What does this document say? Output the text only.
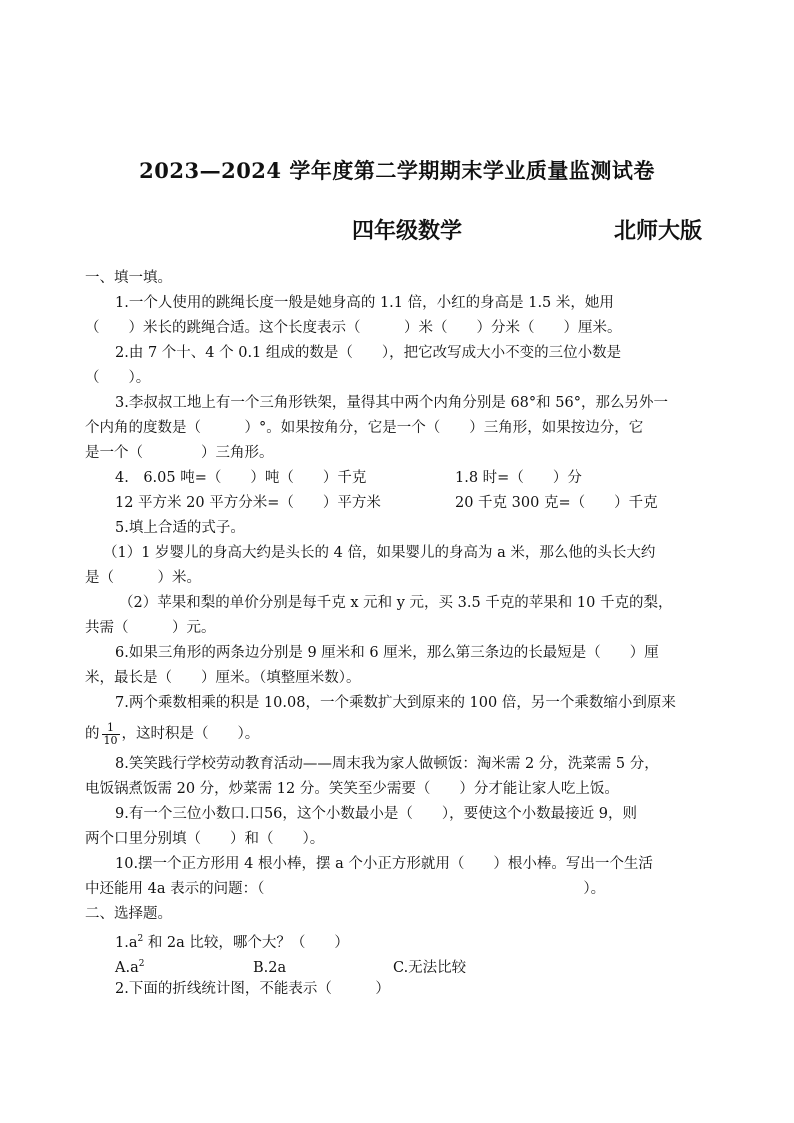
2023—2024 学年度第二学期期末学业质量监测试卷
四年级数学	北师大版
一、填一填。
1.一个人使用的跳绳长度一般是她身高的 1.1 倍，小红的身高是 1.5 米，她用
（　　）米长的跳绳合适。这个长度表示（　　　）米（　　）分米（　　）厘米。
2.由 7 个十、4 个 0.1 组成的数是（　　），把它改写成大小不变的三位小数是
（　　）。
3.李叔叔工地上有一个三角形铁架，量得其中两个内角分别是 68°和 56°，那么另外一
个内角的度数是（　　　）°。如果按角分，它是一个（　　）三角形，如果按边分，它
是一个（　　　　）三角形。
4.　6.05 吨=（　　）吨（　　）千克	1.8 时=（　　）分
12 平方米 20 平方分米=（　　）平方米	20 千克 300 克=（　　）千克
5.填上合适的式子。
（1）1 岁婴儿的身高大约是头长的 4 倍，如果婴儿的身高为 a 米，那么他的头长大约
是（　　　）米。
（2）苹果和梨的单价分别是每千克 x 元和 y 元，买 3.5 千克的苹果和 10 千克的梨，
共需（　　　）元。
6.如果三角形的两条边分别是 9 厘米和 6 厘米，那么第三条边的长最短是（　　）厘
米，最长是（　　）厘米。（填整厘米数）。
7.两个乘数相乘的积是 10.08，一个乘数扩大到原来的 100 倍，另一个乘数缩小到原来
的 $\frac{1}{10}$ ，这时积是（　　）。
8.笑笑践行学校劳动教育活动——周末我为家人做顿饭：淘米需 2 分，洗菜需 5 分，
电饭锅煮饭需 20 分，炒菜需 12 分。笑笑至少需要（　　）分才能让家人吃上饭。
9.有一个三位小数口.口56，这个小数最小是（　　），要使这个小数最接近 9，则
两个口里分别填（　　）和（　　）。
10.摆一个正方形用 4 根小棒，摆 a 个小正方形就用（　　）根小棒。写出一个生活
中还能用 4a 表示的问题：（　　　　　　　　　　　　　　　　　　　　　　）。
二、选择题。
$1.a^2$ 和 2a 比较，哪个大？（　　）
$A.a^2$	B.2a	C.无法比较
2.下面的折线统计图，不能表示（　　　）
